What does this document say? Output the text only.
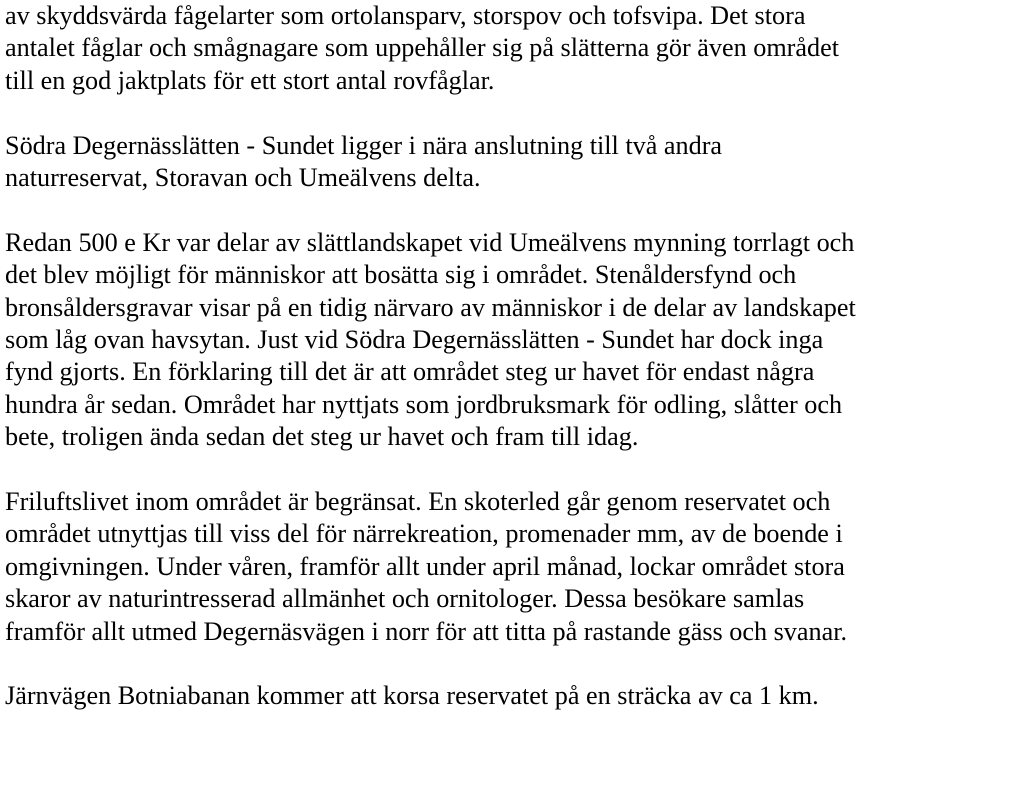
av skyddsvärda fågelarter som ortolansparv, storspov och tofsvipa. Det stora
antalet fåglar och smågnagare som uppehåller sig på slätterna gör även området
till en god jaktplats för ett stort antal rovfåglar.

Södra Degernässlätten - Sundet ligger i nära anslutning till två andra
naturreservat, Storavan och Umeälvens delta.

Redan 500 e Kr var delar av slättlandskapet vid Umeälvens mynning torrlagt och
det blev möjligt för människor att bosätta sig i området. Stenåldersfynd och
bronsåldersgravar visar på en tidig närvaro av människor i de delar av landskapet
som låg ovan havsytan. Just vid Södra Degernässlätten - Sundet har dock inga
fynd gjorts. En förklaring till det är att området steg ur havet för endast några
hundra år sedan. Området har nyttjats som jordbruksmark för odling, slåtter och
bete, troligen ända sedan det steg ur havet och fram till idag.

Friluftslivet inom området är begränsat. En skoterled går genom reservatet och
området utnyttjas till viss del för närrekreation, promenader mm, av de boende i
omgivningen. Under våren, framför allt under april månad, lockar området stora
skaror av naturintresserad allmänhet och ornitologer. Dessa besökare samlas
framför allt utmed Degernäsvägen i norr för att titta på rastande gäss och svanar.

Järnvägen Botniabanan kommer att korsa reservatet på en sträcka av ca 1 km.
